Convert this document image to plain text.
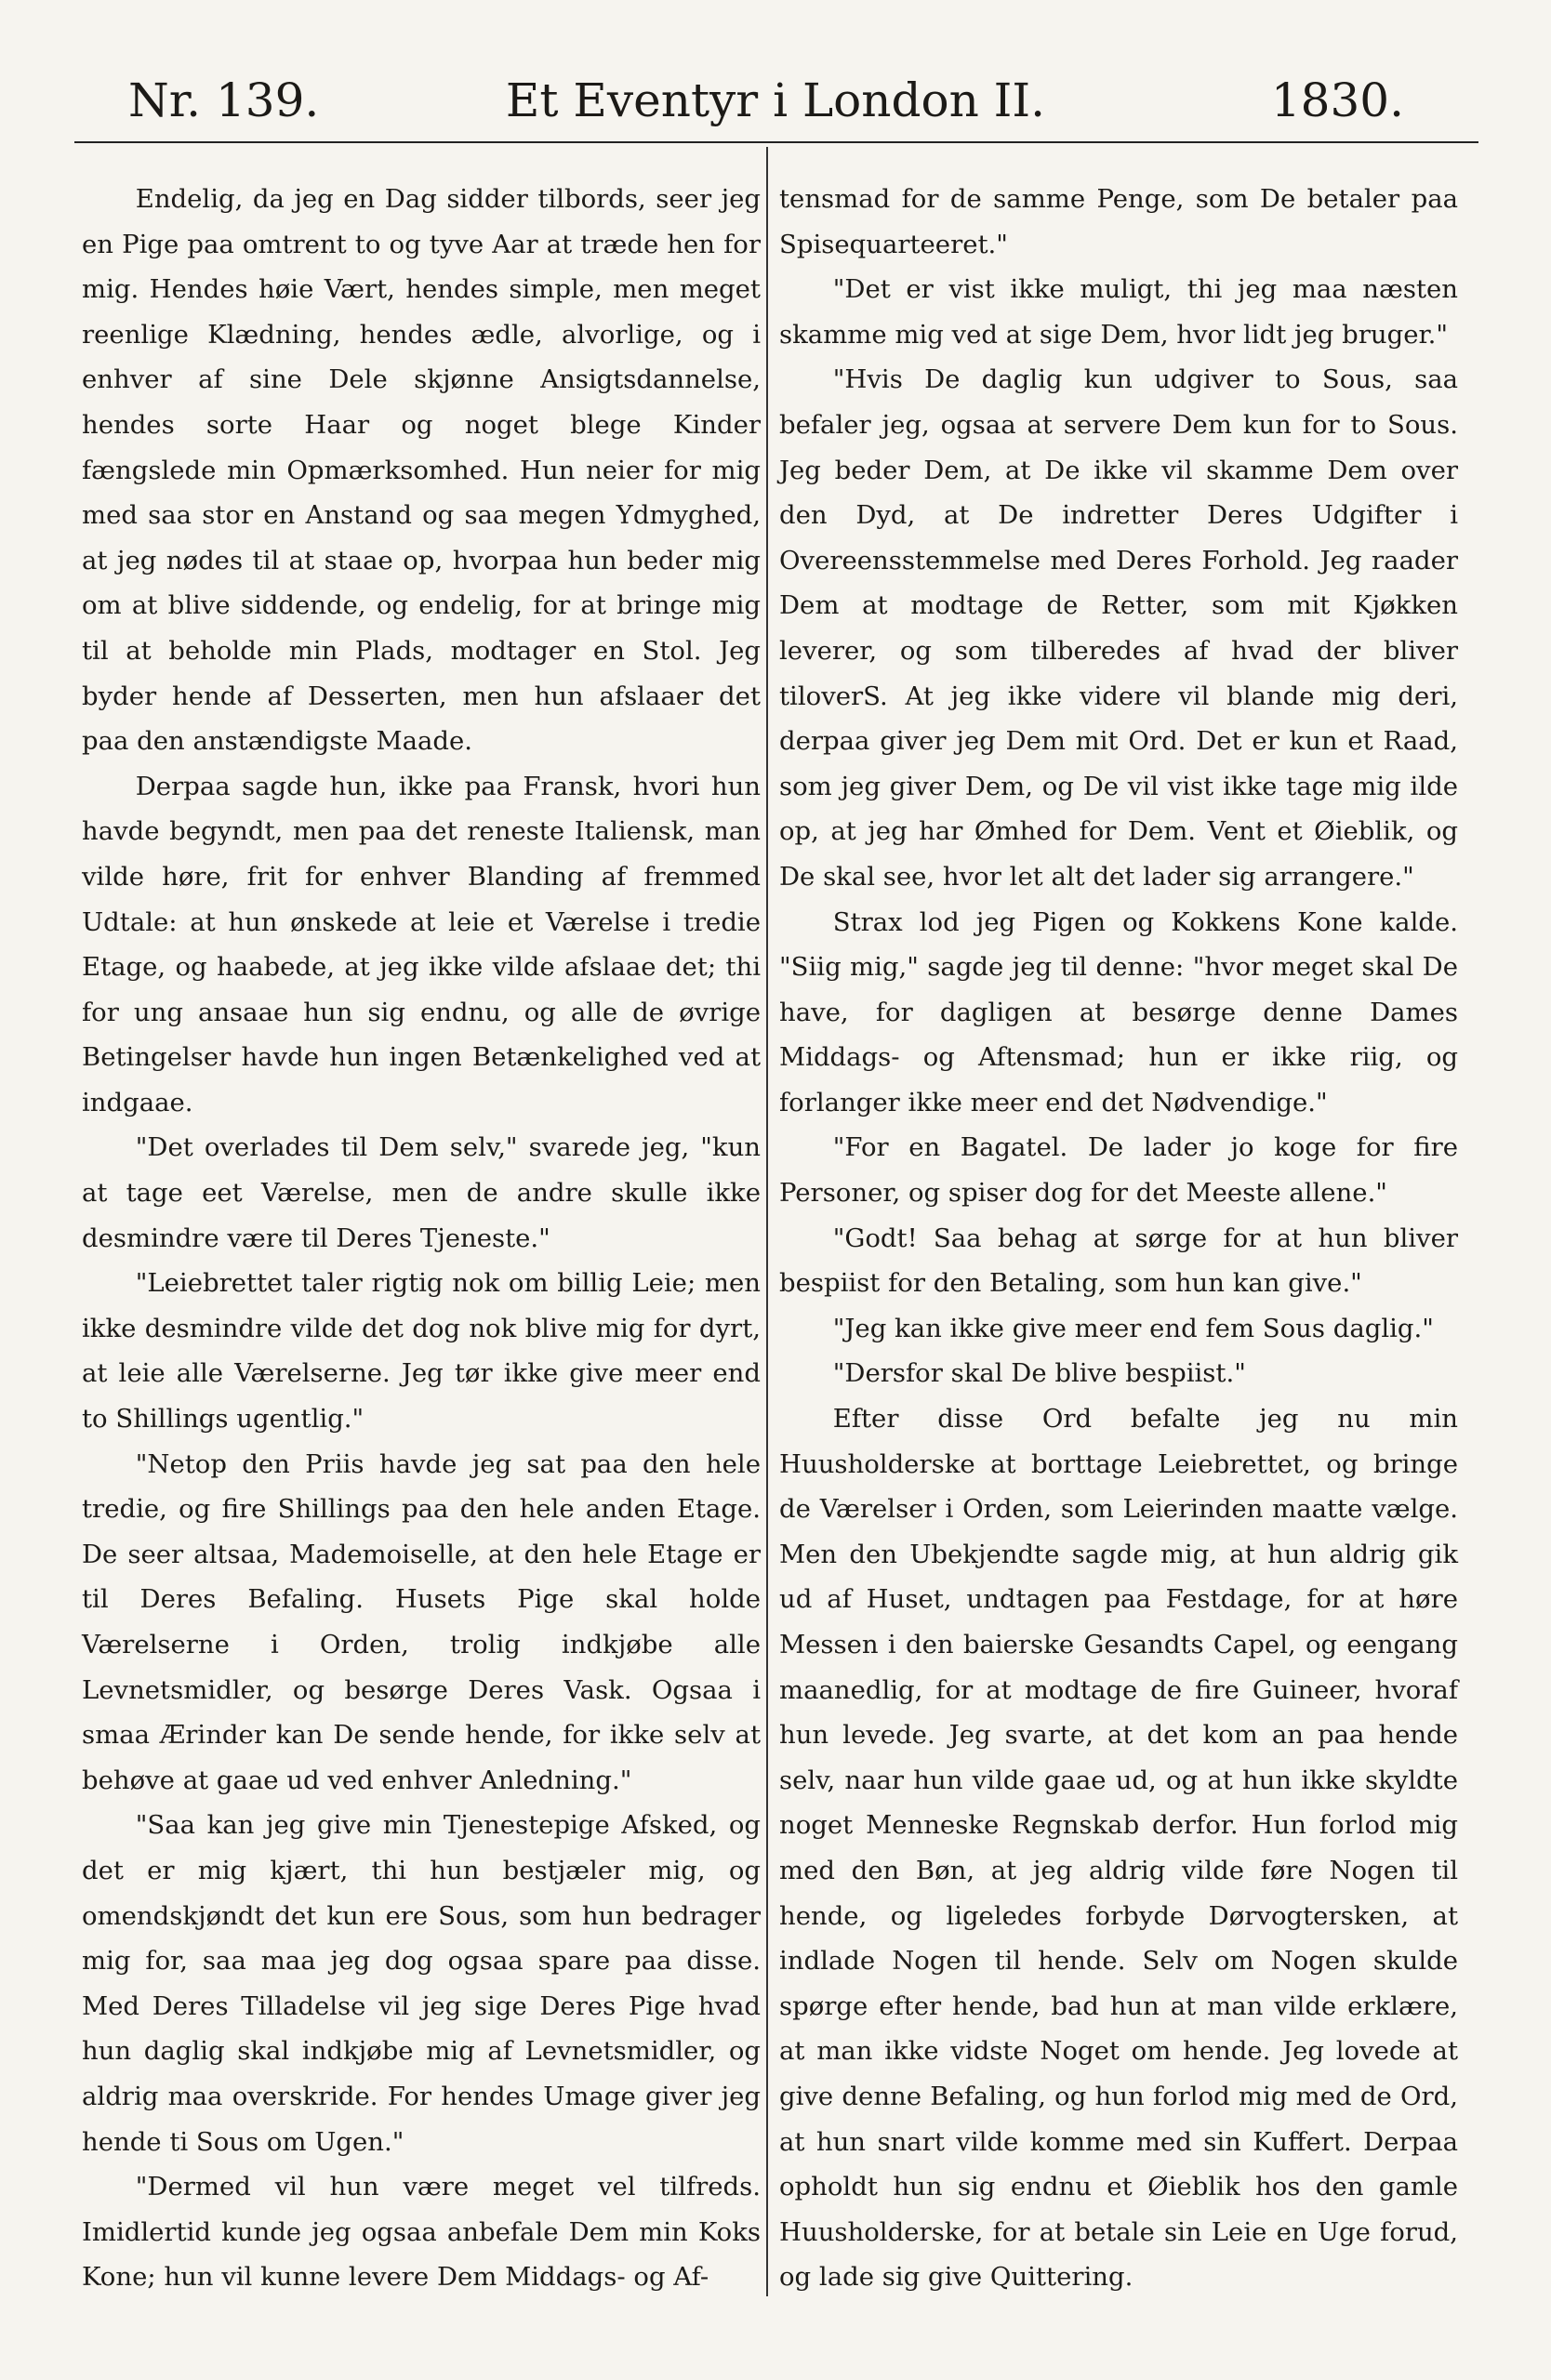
Nr. 139.	Et Eventyr i London II.	1830.

Endelig, da jeg en Dag sidder tilbords, seer jeg en Pige paa omtrent to og tyve Aar at træde hen for mig. Hendes høie Vært, hendes simple, men meget reenlige Klædning, hendes ædle, alvorlige, og i enhver af sine Dele skjønne Ansigtsdannelse, hendes sorte Haar og noget blege Kinder fængslede min Opmærksomhed. Hun neier for mig med saa stor en Anstand og saa megen Ydmyghed, at jeg nødes til at staae op, hvorpaa hun beder mig om at blive siddende, og endelig, for at bringe mig til at beholde min Plads, modtager en Stol. Jeg byder hende af Desserten, men hun afslaaer det paa den anstændigste Maade.

Derpaa sagde hun, ikke paa Fransk, hvori hun havde begyndt, men paa det reneste Italiensk, man vilde høre, frit for enhver Blanding af fremmed Udtale: at hun ønskede at leie et Værelse i tredie Etage, og haabede, at jeg ikke vilde afslaae det; thi for ung ansaae hun sig endnu, og alle de øvrige Betingelser havde hun ingen Betænkelighed ved at indgaae.

"Det overlades til Dem selv," svarede jeg, "kun at tage eet Værelse, men de andre skulle ikke desmindre være til Deres Tjeneste."

"Leiebrettet taler rigtig nok om billig Leie; men ikke desmindre vilde det dog nok blive mig for dyrt, at leie alle Værelserne. Jeg tør ikke give meer end to Shillings ugentlig."

"Netop den Priis havde jeg sat paa den hele tredie, og fire Shillings paa den hele anden Etage. De seer altsaa, Mademoiselle, at den hele Etage er til Deres Befaling. Husets Pige skal holde Værelserne i Orden, trolig indkjøbe alle Levnetsmidler, og besørge Deres Vask. Ogsaa i smaa Ærinder kan De sende hende, for ikke selv at behøve at gaae ud ved enhver Anledning."

"Saa kan jeg give min Tjenestepige Afsked, og det er mig kjært, thi hun bestjæler mig, og omendskjøndt det kun ere Sous, som hun bedrager mig for, saa maa jeg dog ogsaa spare paa disse. Med Deres Tilladelse vil jeg sige Deres Pige hvad hun daglig skal indkjøbe mig af Levnetsmidler, og aldrig maa overskride. For hendes Umage giver jeg hende ti Sous om Ugen."

"Dermed vil hun være meget vel tilfreds. Imidlertid kunde jeg ogsaa anbefale Dem min Koks Kone; hun vil kunne levere Dem Middags- og Af-

tensmad for de samme Penge, som De betaler paa Spisequarteeret."

"Det er vist ikke muligt, thi jeg maa næsten skamme mig ved at sige Dem, hvor lidt jeg bruger."

"Hvis De daglig kun udgiver to Sous, saa befaler jeg, ogsaa at servere Dem kun for to Sous. Jeg beder Dem, at De ikke vil skamme Dem over den Dyd, at De indretter Deres Udgifter i Overeensstemmelse med Deres Forhold. Jeg raader Dem at modtage de Retter, som mit Kjøkken leverer, og som tilberedes af hvad der bliver tiloverS. At jeg ikke videre vil blande mig deri, derpaa giver jeg Dem mit Ord. Det er kun et Raad, som jeg giver Dem, og De vil vist ikke tage mig ilde op, at jeg har Ømhed for Dem. Vent et Øieblik, og De skal see, hvor let alt det lader sig arrangere."

Strax lod jeg Pigen og Kokkens Kone kalde. "Siig mig," sagde jeg til denne: "hvor meget skal De have, for dagligen at besørge denne Dames Middags- og Aftensmad; hun er ikke riig, og forlanger ikke meer end det Nødvendige."

"For en Bagatel. De lader jo koge for fire Personer, og spiser dog for det Meeste allene."

"Godt! Saa behag at sørge for at hun bliver bespiist for den Betaling, som hun kan give."

"Jeg kan ikke give meer end fem Sous daglig."

"Dersfor skal De blive bespiist."

Efter disse Ord befalte jeg nu min Huusholderske at borttage Leiebrettet, og bringe de Værelser i Orden, som Leierinden maatte vælge. Men den Ubekjendte sagde mig, at hun aldrig gik ud af Huset, undtagen paa Festdage, for at høre Messen i den baierske Gesandts Capel, og eengang maanedlig, for at modtage de fire Guineer, hvoraf hun levede. Jeg svarte, at det kom an paa hende selv, naar hun vilde gaae ud, og at hun ikke skyldte noget Menneske Regnskab derfor. Hun forlod mig med den Bøn, at jeg aldrig vilde føre Nogen til hende, og ligeledes forbyde Dørvogtersken, at indlade Nogen til hende. Selv om Nogen skulde spørge efter hende, bad hun at man vilde erklære, at man ikke vidste Noget om hende. Jeg lovede at give denne Befaling, og hun forlod mig med de Ord, at hun snart vilde komme med sin Kuffert. Derpaa opholdt hun sig endnu et Øieblik hos den gamle Huusholderske, for at betale sin Leie en Uge forud, og lade sig give Quittering.
